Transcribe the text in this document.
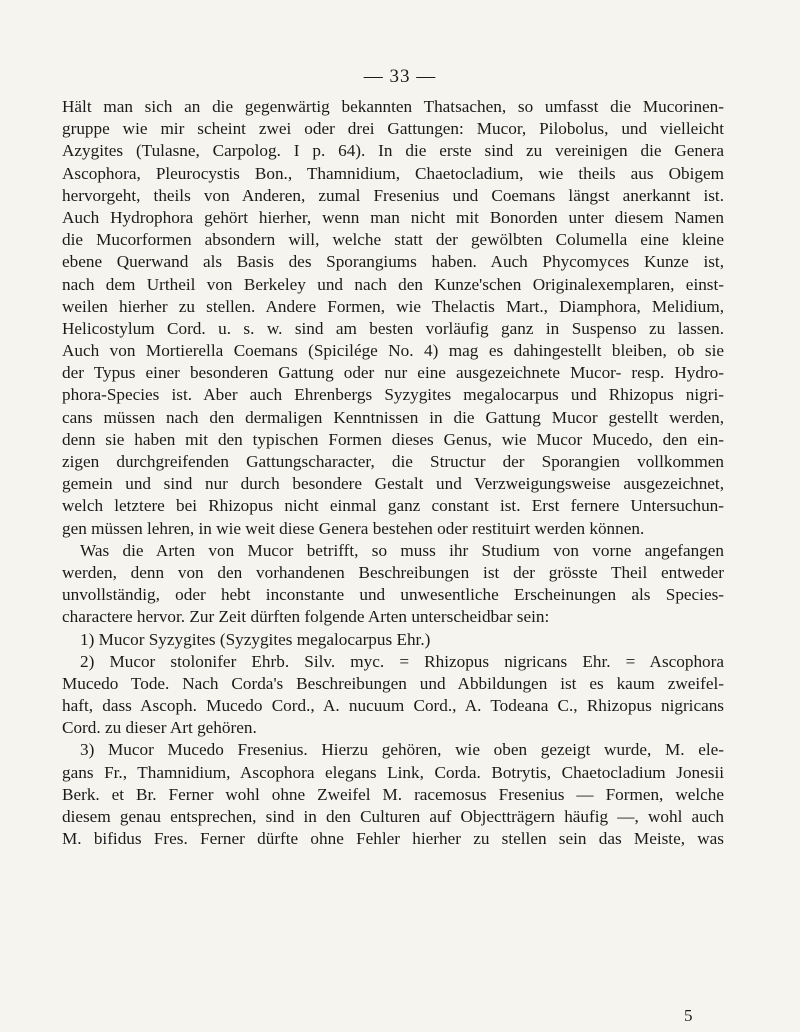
— 33 —
Hält man sich an die gegenwärtig bekannten Thatsachen, so umfasst die Mucorinen-
gruppe wie mir scheint zwei oder drei Gattungen: Mucor, Pilobolus, und vielleicht
Azygites (Tulasne, Carpolog. I p. 64). In die erste sind zu vereinigen die Genera
Ascophora, Pleurocystis Bon., Thamnidium, Chaetocladium, wie theils aus Obigem
hervorgeht, theils von Anderen, zumal Fresenius und Coemans längst anerkannt ist.
Auch Hydrophora gehört hierher, wenn man nicht mit Bonorden unter diesem Namen
die Mucorformen absondern will, welche statt der gewölbten Columella eine kleine
ebene Querwand als Basis des Sporangiums haben. Auch Phycomyces Kunze ist,
nach dem Urtheil von Berkeley und nach den Kunze'schen Originalexemplaren, einst-
weilen hierher zu stellen. Andere Formen, wie Thelactis Mart., Diamphora, Melidium,
Helicostylum Cord. u. s. w. sind am besten vorläufig ganz in Suspenso zu lassen.
Auch von Mortierella Coemans (Spicilége No. 4) mag es dahingestellt bleiben, ob sie
der Typus einer besonderen Gattung oder nur eine ausgezeichnete Mucor- resp. Hydro-
phora-Species ist. Aber auch Ehrenbergs Syzygites megalocarpus und Rhizopus nigri-
cans müssen nach den dermaligen Kenntnissen in die Gattung Mucor gestellt werden,
denn sie haben mit den typischen Formen dieses Genus, wie Mucor Mucedo, den ein-
zigen durchgreifenden Gattungscharacter, die Structur der Sporangien vollkommen
gemein und sind nur durch besondere Gestalt und Verzweigungsweise ausgezeichnet,
welch letztere bei Rhizopus nicht einmal ganz constant ist. Erst fernere Untersuchun-
gen müssen lehren, in wie weit diese Genera bestehen oder restituirt werden können.
Was die Arten von Mucor betrifft, so muss ihr Studium von vorne angefangen
werden, denn von den vorhandenen Beschreibungen ist der grösste Theil entweder
unvollständig, oder hebt inconstante und unwesentliche Erscheinungen als Species-
charactere hervor. Zur Zeit dürften folgende Arten unterscheidbar sein:
1) Mucor Syzygites (Syzygites megalocarpus Ehr.)
2) Mucor stolonifer Ehrb. Silv. myc. = Rhizopus nigricans Ehr. = Ascophora
Mucedo Tode. Nach Corda's Beschreibungen und Abbildungen ist es kaum zweifel-
haft, dass Ascoph. Mucedo Cord., A. nucuum Cord., A. Todeana C., Rhizopus nigricans
Cord. zu dieser Art gehören.
3) Mucor Mucedo Fresenius. Hierzu gehören, wie oben gezeigt wurde, M. ele-
gans Fr., Thamnidium, Ascophora elegans Link, Corda. Botrytis, Chaetocladium Jonesii
Berk. et Br. Ferner wohl ohne Zweifel M. racemosus Fresenius — Formen, welche
diesem genau entsprechen, sind in den Culturen auf Objectträgern häufig —, wohl auch
M. bifidus Fres. Ferner dürfte ohne Fehler hierher zu stellen sein das Meiste, was
5
